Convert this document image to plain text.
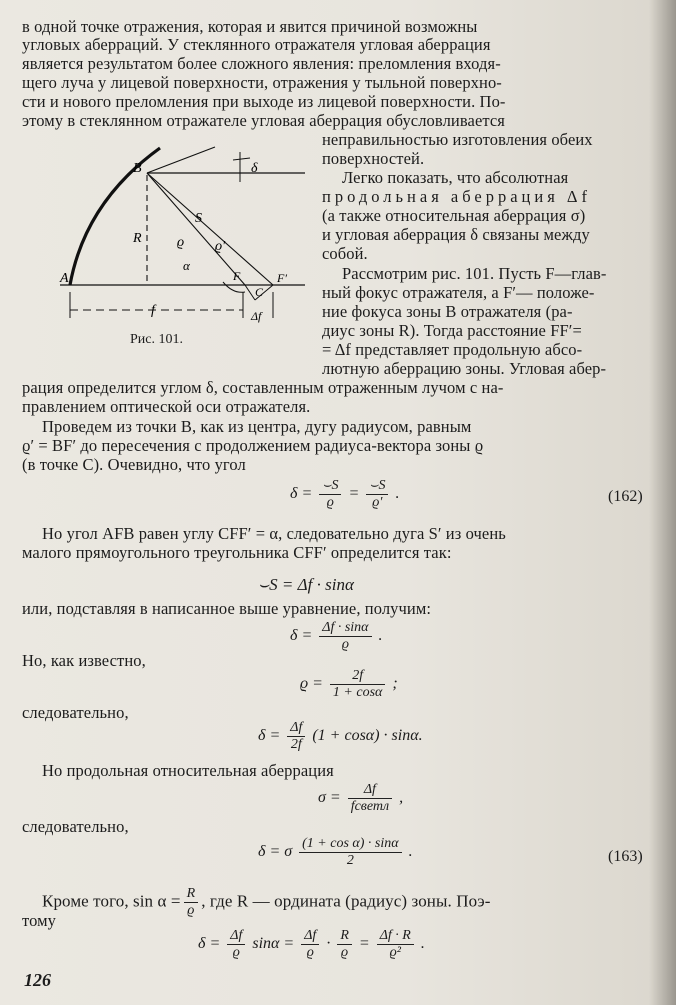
в одной точке отражения, которая и явится причиной возможны
угловых аберраций. У стеклянного отражателя угловая аберрация
является результатом более сложного явления: преломления входя-
щего луча у лицевой поверхности, отражения у тыльной поверхно-
сти и нового преломления при выходе из лицевой поверхности. По-
этому в стеклянном отражателе угловая аберрация обусловливается
неправильностью изготовления обеих
поверхностей.
Легко показать, что абсолютная
продольная аберрация Δf
(а также относительная аберрация σ)
и угловая аберрация δ связаны между
собой.
Рассмотрим рис. 101. Пусть F—глав-
ный фокус отражателя, а F′— положе-
ние фокуса зоны B отражателя (ра-
диус зоны R). Тогда расстояние FF′=
= Δf представляет продольную абсо-
лютную аберрацию зоны. Угловая абер-
B
A
R	ϱ ϱ′
S
α
δ
F	F′
C
f	Δf
Рис. 101.
рация определится углом δ, составленным отраженным лучом с на-
правлением оптической оси отражателя.
Проведем из точки B, как из центра, дугу радиусом, равным
ϱ′ = BF′ до пересечения с продолжением радиуса-вектора зоны ϱ
(в точке C). Очевидно, что угол
$\delta = \frac{⌣S}{ϱ} = \frac{⌣S}{ϱ'}$ .	(162)
Но угол AFB равен углу CFF′ = α, следовательно дуга S′ из очень
малого прямоугольного треугольника CFF′ определится так:
⌣S = Δf · sinα
или, подставляя в написанное выше уравнение, получим:
$\delta = \frac{\Delta f \cdot \sin\alpha}{ϱ}$ .
Но, как известно,
$ϱ = \frac{2f}{1 + \cos\alpha}$ ;
следовательно,
$\delta = \frac{\Delta f}{2f} (1 + \cos\alpha) \cdot \sin\alpha$.
Но продольная относительная аберрация
$\sigma = \frac{\Delta f}{\text{fсветл}}$ ,
следовательно,
δ = σ $\frac{\text{(1 + cos α) · sinα}}{2}$ .	(163)
Кроме того, $\sin \alpha = \frac{R}{ϱ}$ , где R — ордината (радиус) зоны. Поэ-
тому
$\delta = \frac{\Delta f}{ϱ}$ $\sin\alpha = \frac{\Delta f}{ϱ} \cdot \frac{R}{ϱ} = \frac{\Delta f \cdot R}{\text{ϱ²}}$ .
126
